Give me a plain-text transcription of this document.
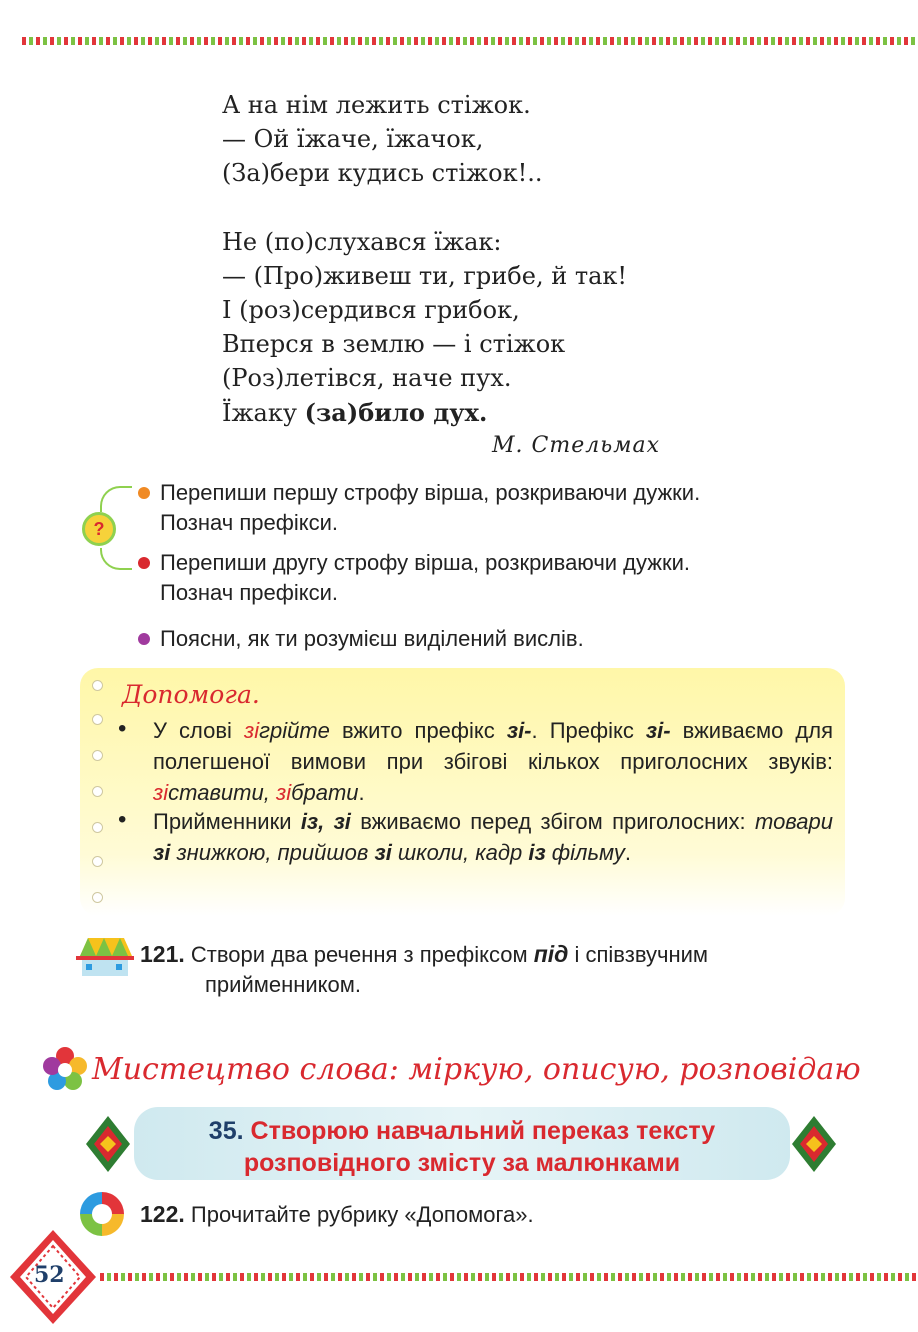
А на нім лежить стіжок.
— Ой їжаче, їжачок,
(За)бери кудись стіжок!..
Не (по)слухався їжак:
— (Про)живеш ти, грибе, й так!
І (роз)сердився грибок,
Вперся в землю — і стіжок
(Роз)летівся, наче пух.
Їжаку (за)било дух.
М. Стельмах
?
Перепиши першу строфу вірша, розкриваючи дужки.
Познач префікси.
Перепиши другу строфу вірша, розкриваючи дужки.
Познач префікси.
Поясни, як ти розумієш виділений вислів.
Допомога.
• У слові зігрійте вжито префікс зі-. Префікс зі- вживаємо для полегшеної вимови при збігові кількох приголосних звуків: зіставити, зібрати.
• Прийменники із, зі вживаємо перед збігом приголосних: товари зі знижкою, прийшов зі школи, кадр із фільму.
121. Створи два речення з префіксом під і співзвучним
прийменником.
Мистецтво слова: міркую, описую, розповідаю
35. Створюю навчальний переказ тексту
розповідного змісту за малюнками
122. Прочитайте рубрику «Допомога».
52
